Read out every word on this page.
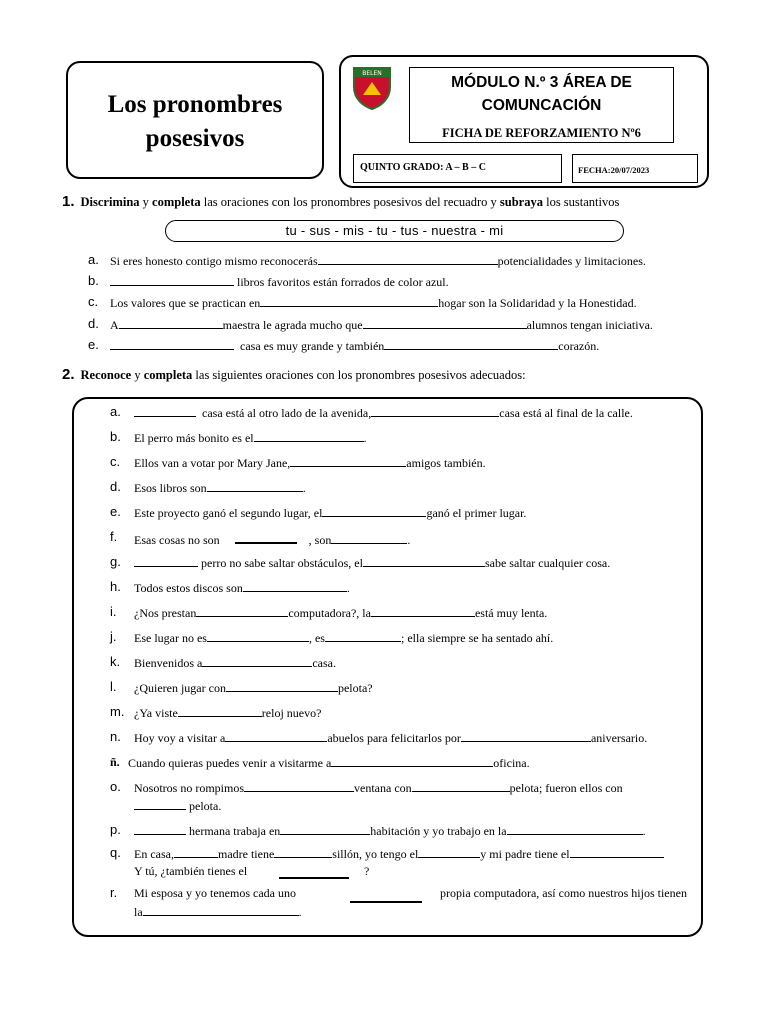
Los pronombres
posesivos
BELEN
MÓDULO N.º 3 ÁREA DE
COMUNCACIÓN
FICHA DE REFORZAMIENTO Nº6
QUINTO GRADO: A – B – C	FECHA:20/07/2023
1. Discrimina y completa las oraciones con los pronombres posesivos del recuadro y subraya los sustantivos
tu - sus - mis - tu - tus - nuestra - mi
a. Si eres honesto contigo mismo reconocerás	potencialidades y limitaciones.
b.	libros favoritos están forrados de color azul.
c. Los valores que se practican en	hogar son la Solidaridad y la Honestidad.
d. A	maestra le agrada mucho que	alumnos tengan iniciativa.
e.	casa es muy grande y también	corazón.
2. Reconoce y completa las siguientes oraciones con los pronombres posesivos adecuados:
a.	casa está al otro lado de la avenida,	casa está al final de la calle.
b. El perro más bonito es el	.
c. Ellos van a votar por Mary Jane,	amigos también.
d. Esos libros son	.
e. Este proyecto ganó el segundo lugar, el	ganó el primer lugar.
f. Esas cosas no son	, son	.
g.	perro no sabe saltar obstáculos, el	sabe saltar cualquier cosa.
h. Todos estos discos son	.
i. ¿Nos prestan	computadora?, la	está muy lenta.
j. Ese lugar no es	, es	; ella siempre se ha sentado ahí.
k. Bienvenidos a	casa.
l. ¿Quieren jugar con	pelota?
m. ¿Ya viste	reloj nuevo?
n. Hoy voy a visitar a	abuelos para felicitarlos por	aniversario.
ñ. Cuando quieras puedes venir a visitarme a	oficina.
o. Nosotros no rompimos	ventana con	pelota; fueron ellos con
pelota.
p.	hermana trabaja en	habitación y yo trabajo en la	.
q. En casa,	madre tiene	sillón, yo tengo el	y mi padre tiene el
Y tú, ¿también tienes el	?
r. Mi esposa y yo tenemos cada uno	propia computadora, así como nuestros hijos tienen
la	.
